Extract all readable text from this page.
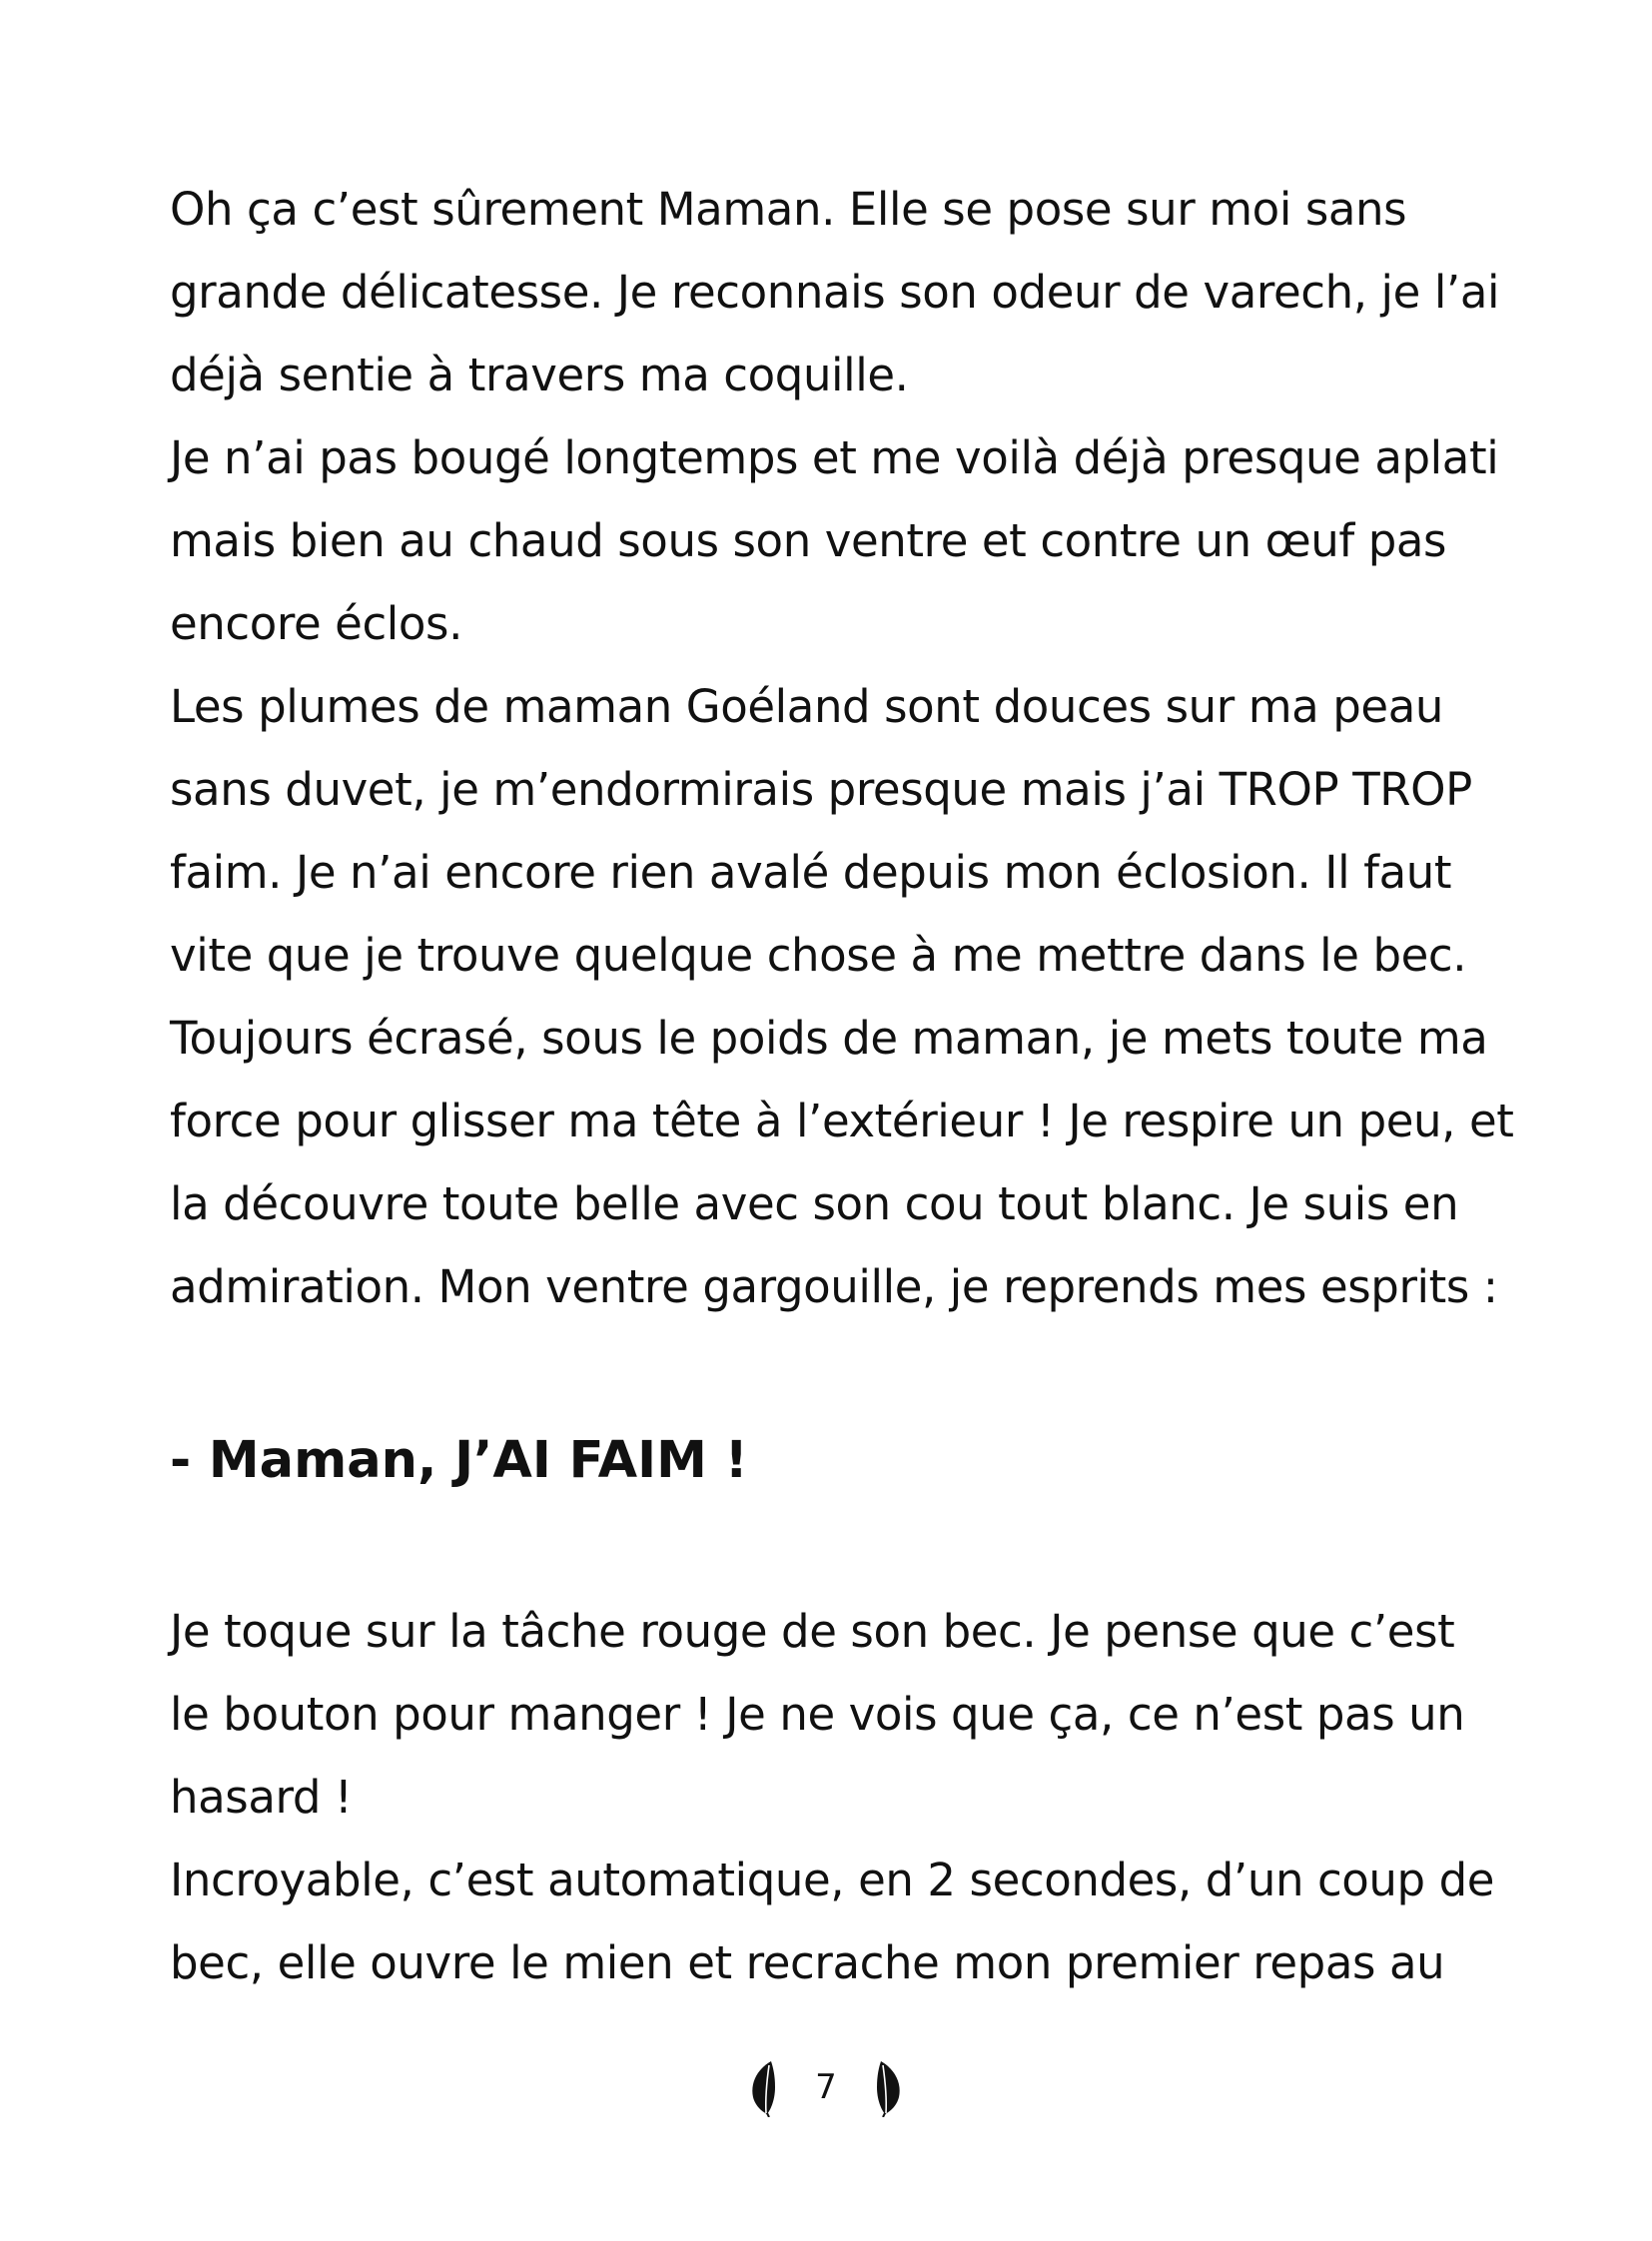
Oh ça c’est sûrement Maman. Elle se pose sur moi sans
grande délicatesse. Je reconnais son odeur de varech, je l’ai
déjà sentie à travers ma coquille.
Je n’ai pas bougé longtemps et me voilà déjà presque aplati
mais bien au chaud sous son ventre et contre un œuf pas
encore éclos.
Les plumes de maman Goéland sont douces sur ma peau
sans duvet, je m’endormirais presque mais j’ai TROP TROP
faim. Je n’ai encore rien avalé depuis mon éclosion. Il faut
vite que je trouve quelque chose à me mettre dans le bec.
Toujours écrasé, sous le poids de maman, je mets toute ma
force pour glisser ma tête à l’extérieur ! Je respire un peu, et
la découvre toute belle avec son cou tout blanc. Je suis en
admiration. Mon ventre gargouille, je reprends mes esprits :
- Maman, J’AI FAIM !
Je toque sur la tâche rouge de son bec. Je pense que c’est
le bouton pour manger ! Je ne vois que ça, ce n’est pas un
hasard !
Incroyable, c’est automatique, en 2 secondes, d’un coup de
bec, elle ouvre le mien et recrache mon premier repas au
7
